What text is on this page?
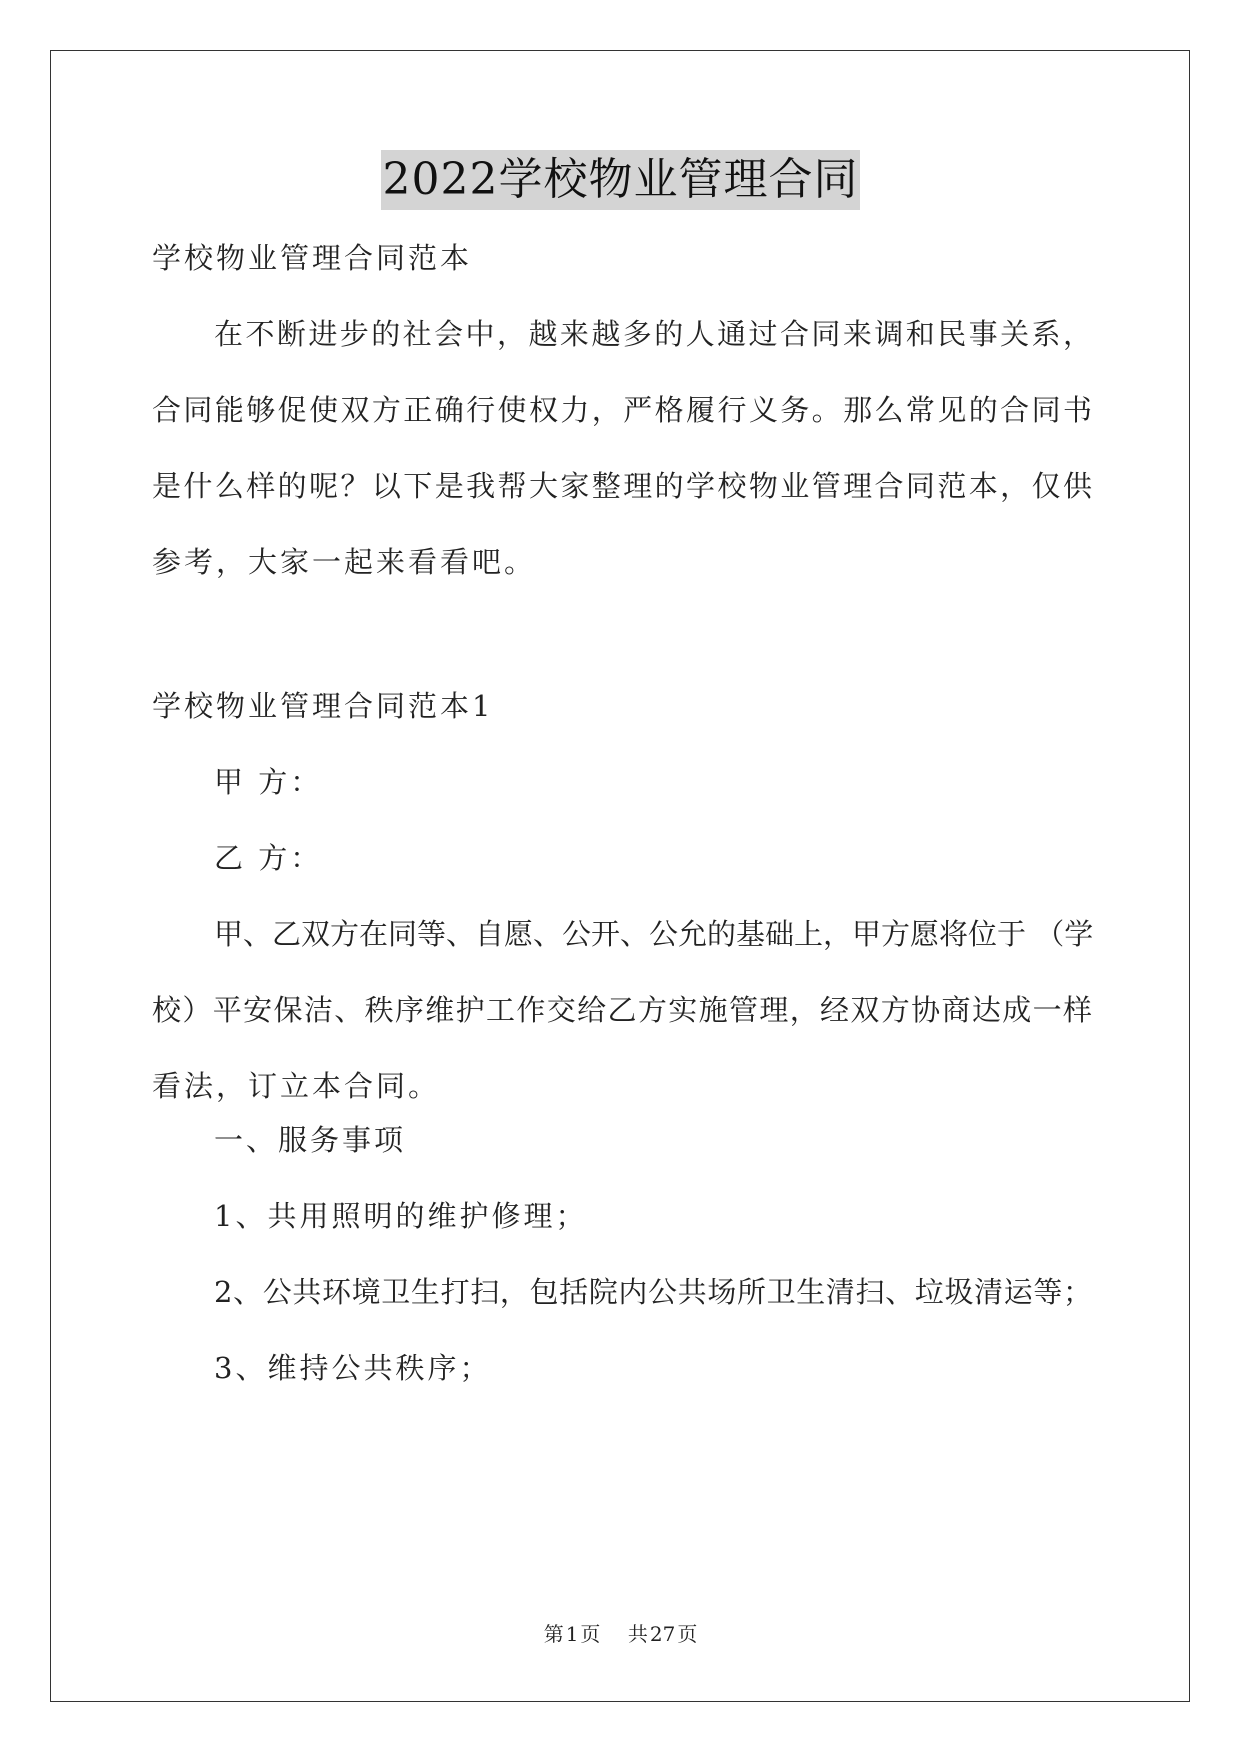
2022学校物业管理合同
学校物业管理合同范本
在不断进步的社会中，越来越多的人通过合同来调和民事关系，
合同能够促使双方正确行使权力，严格履行义务。那么常见的合同书
是什么样的呢？以下是我帮大家整理的学校物业管理合同范本，仅供
参考，大家一起来看看吧。
学校物业管理合同范本1
甲 方：
乙 方：
甲、乙双方在同等、自愿、公开、公允的基础上，甲方愿将位于 （学
校）平安保洁、秩序维护工作交给乙方实施管理，经双方协商达成一样
看法，订立本合同。
一、服务事项
1、共用照明的维护修理；
2、公共环境卫生打扫，包括院内公共场所卫生清扫、垃圾清运等；
3、维持公共秩序；
第 1 页 共 27 页
